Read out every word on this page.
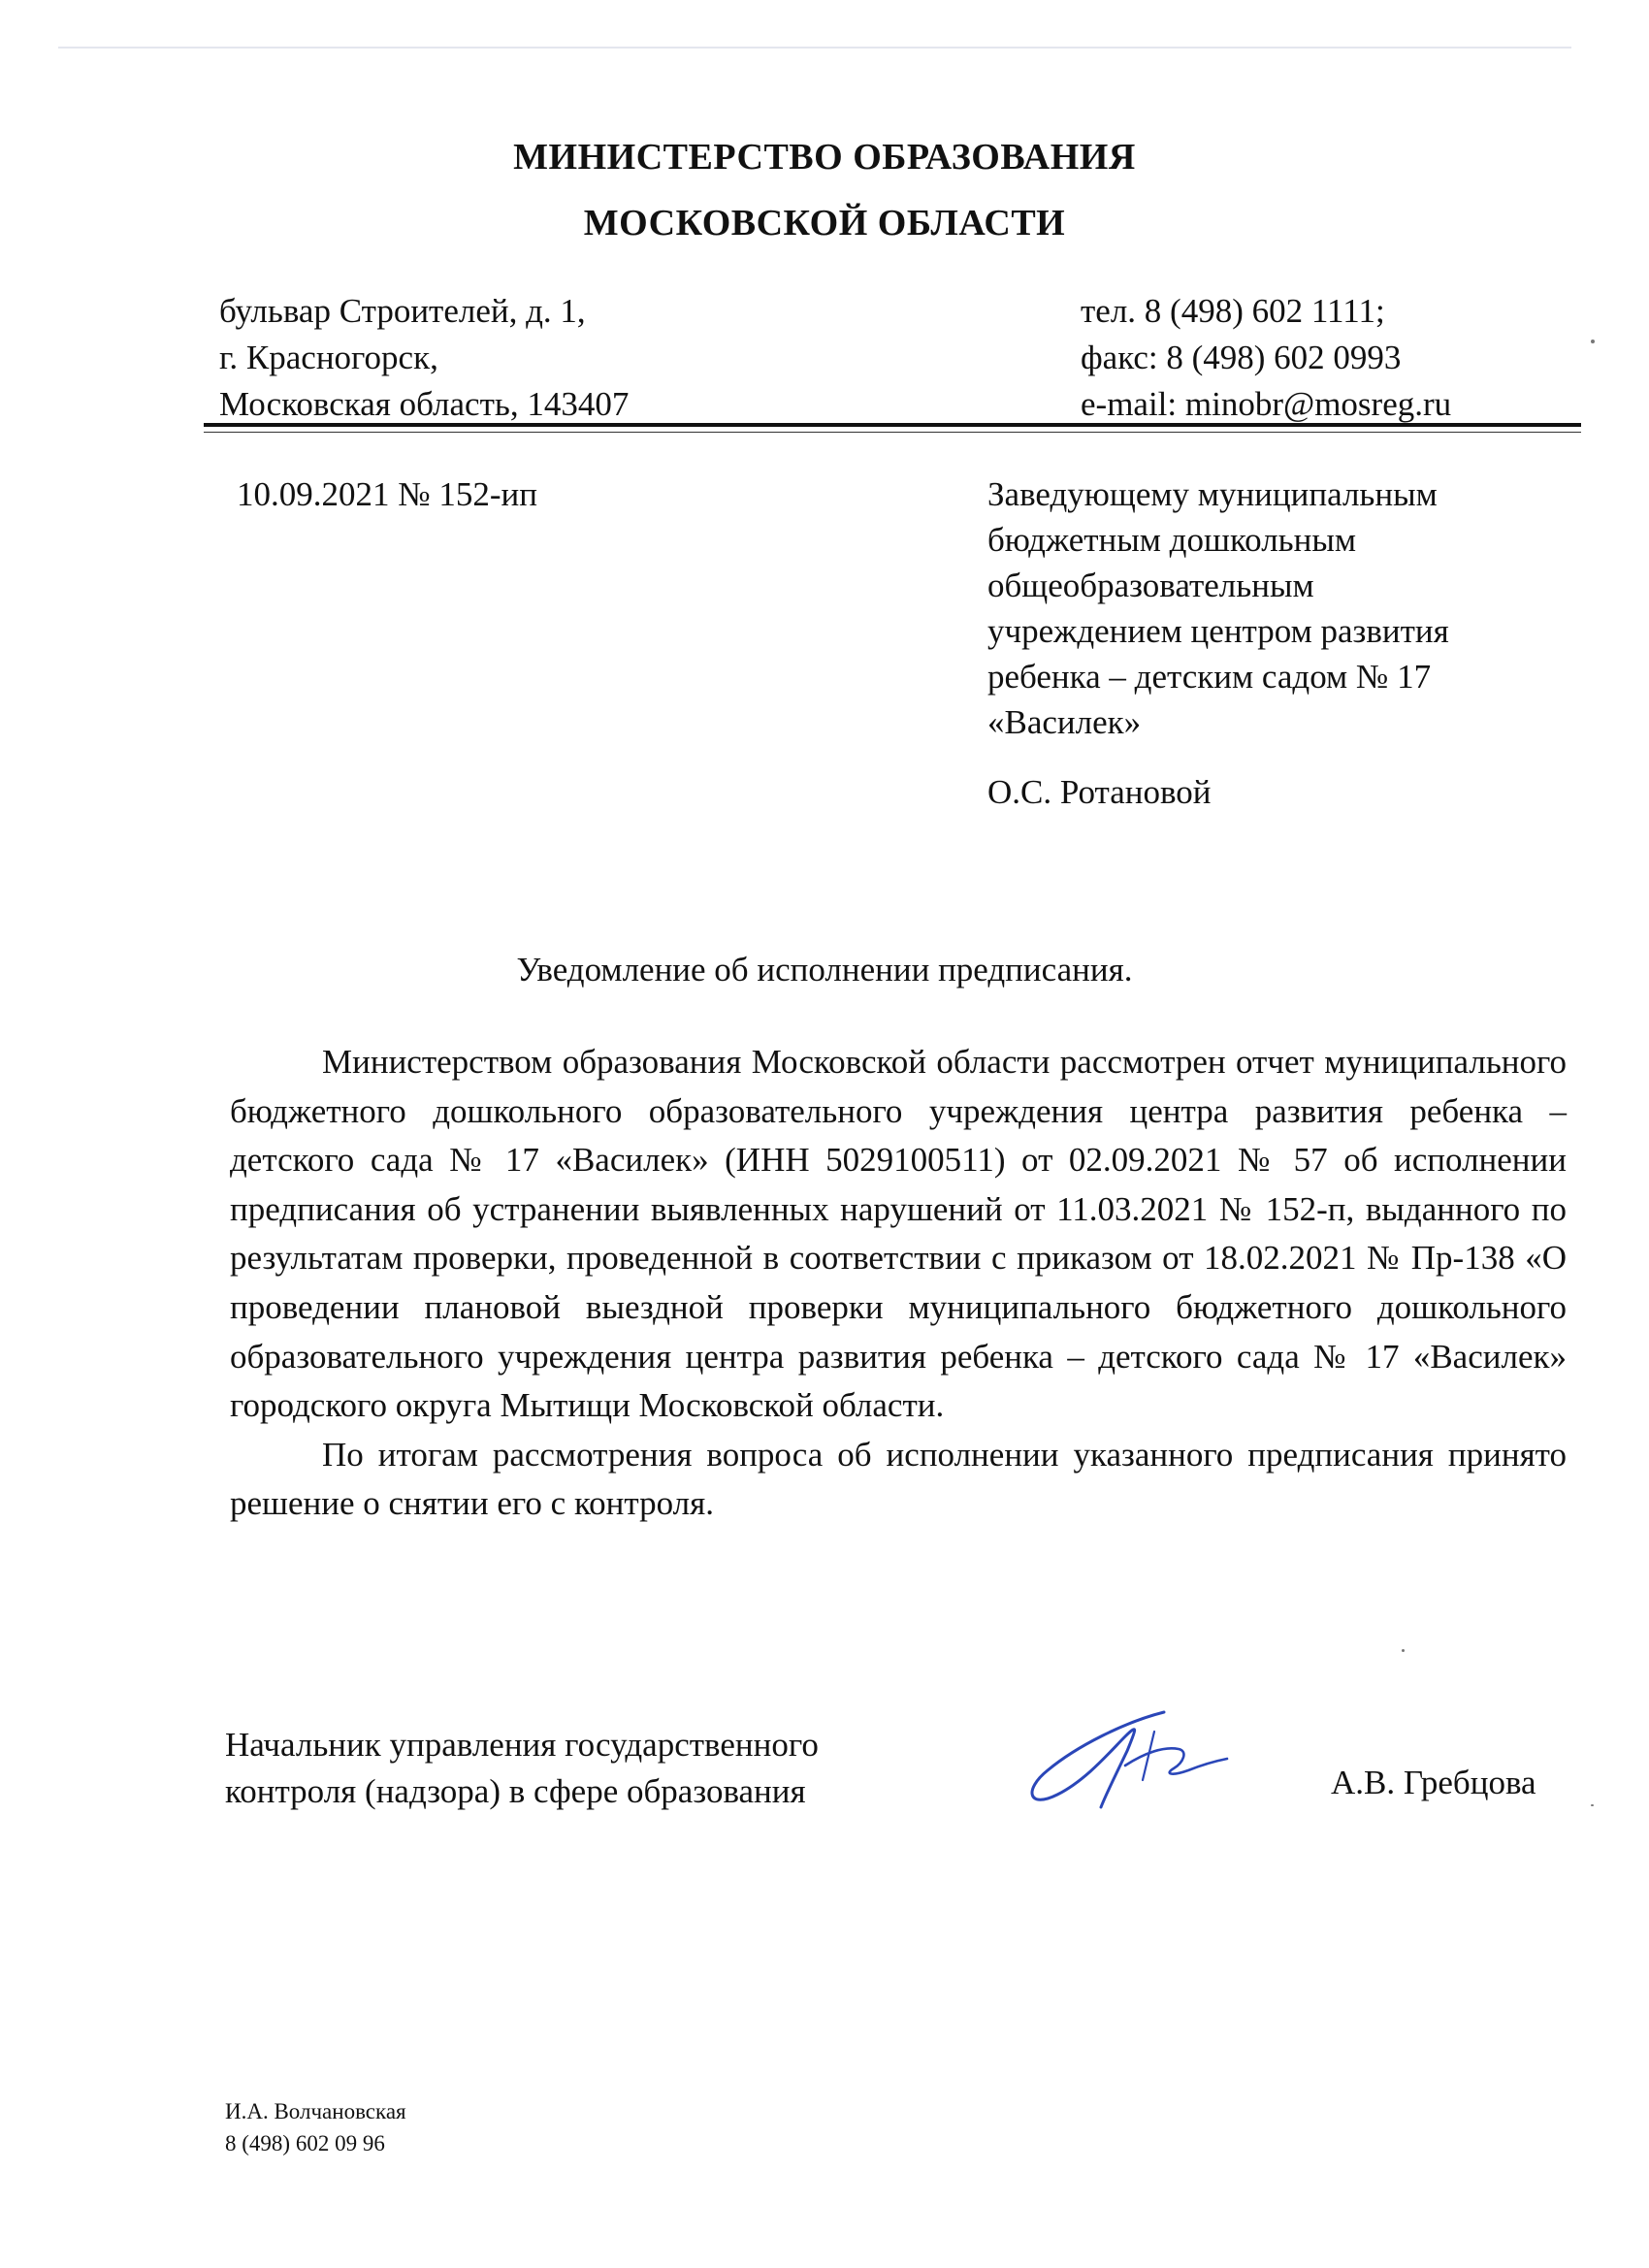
МИНИСТЕРСТВО ОБРАЗОВАНИЯ
МОСКОВСКОЙ ОБЛАСТИ
бульвар Строителей, д. 1,
г. Красногорск,
Московская область, 143407
тел. 8 (498) 602 1111;
факс: 8 (498) 602 0993
e-mail: minobr@mosreg.ru
10.09.2021 № 152-ип	Заведующему муниципальным
бюджетным дошкольным
общеобразовательным
учреждением центром развития
ребенка – детским садом № 17
«Василек»
О.С. Ротановой
Уведомление об исполнении предписания.

Министерством образования Московской области рассмотрен отчет муниципального бюджетного дошкольного образовательного учреждения центра развития ребенка – детского сада № 17 «Василек» (ИНН 5029100511) от 02.09.2021 № 57 об исполнении предписания об устранении выявленных нарушений от 11.03.2021 № 152-п, выданного по результатам проверки, проведенной в соответствии с приказом от 18.02.2021 № Пр-138 «О проведении плановой выездной проверки муниципального бюджетного дошкольного образовательного учреждения центра развития ребенка – детского сада № 17 «Василек» городского округа Мытищи Московской области.

По итогам рассмотрения вопроса об исполнении указанного предписания принято решение о снятии его с контроля.

Начальник управления государственного
контроля (надзора) в сфере образования	А.В. Гребцова
И.А. Волчановская
8 (498) 602 09 96
